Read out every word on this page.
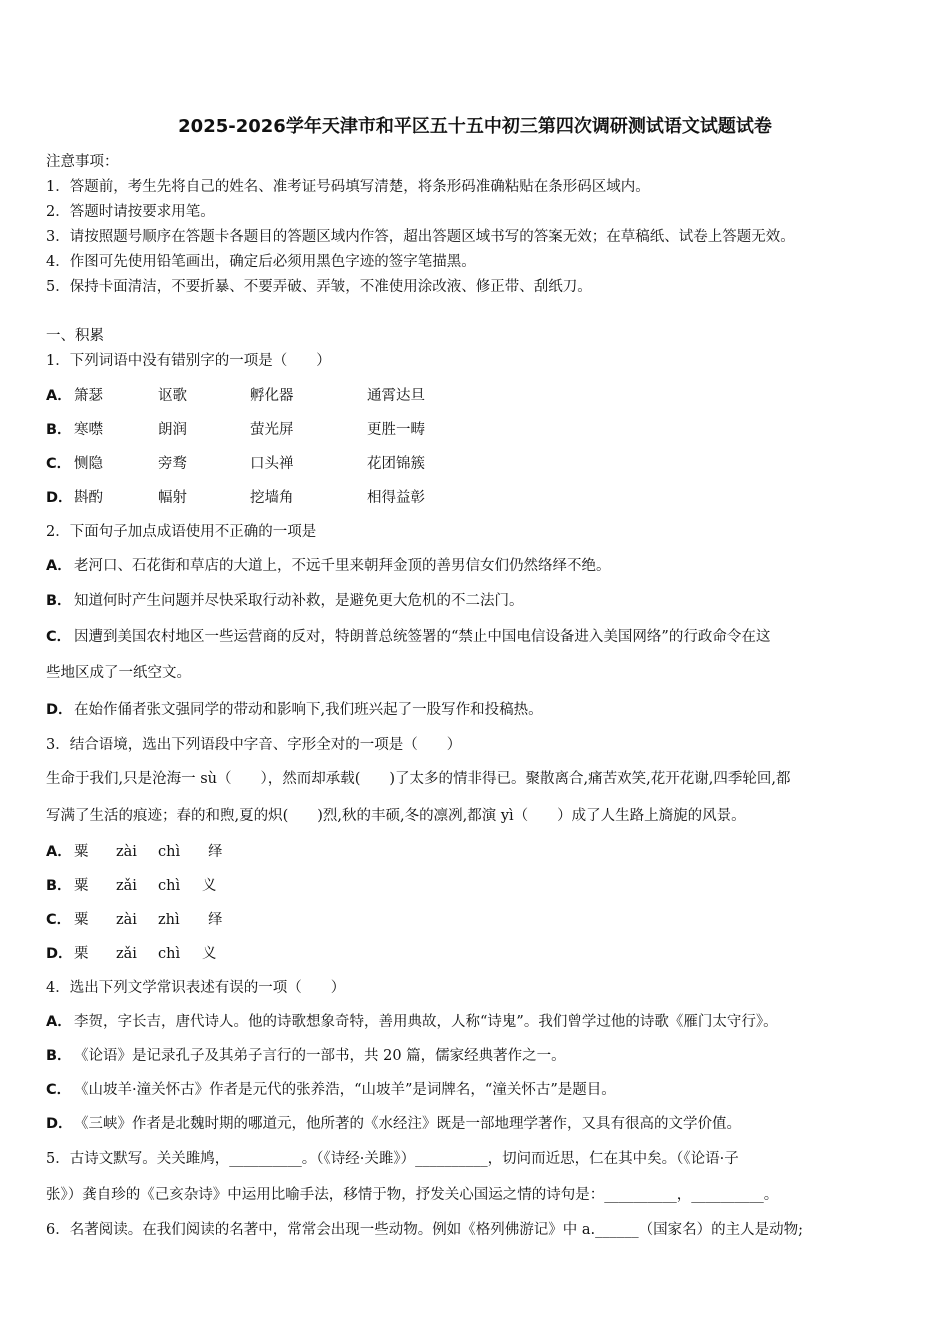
2025-2026学年天津市和平区五十五中初三第四次调研测试语文试题试卷
注意事项：
1．答题前，考生先将自己的姓名、准考证号码填写清楚，将条形码准确粘贴在条形码区域内。
2．答题时请按要求用笔。
3．请按照题号顺序在答题卡各题目的答题区域内作答，超出答题区域书写的答案无效；在草稿纸、试卷上答题无效。
4．作图可先使用铅笔画出，确定后必须用黑色字迹的签字笔描黑。
5．保持卡面清洁，不要折暴、不要弄破、弄皱，不准使用涂改液、修正带、刮纸刀。
一、积累
1．下列词语中没有错别字的一项是（　　）
A． 箫瑟	讴歌	孵化器	通霄达旦
B． 寒噤	朗润	萤光屏	更胜一畴
C． 恻隐	旁骛	口头禅	花团锦簇
D．斟酌	幅射	挖墙角	相得益彰
2．下面句子加点成语使用不正确的一项是
A． 老河口、石花街和草店的大道上，不远千里来朝拜金顶的善男信女们仍然络绎不绝。
B． 知道何时产生问题并尽快采取行动补救，是避免更大危机的不二法门。
C． 因遭到美国农村地区一些运营商的反对，特朗普总统签署的“禁止中国电信设备进入美国网络”的行政命令在这
些地区成了一纸空文。
D．在始作俑者张文强同学的带动和影响下,我们班兴起了一股写作和投稿热。
3．结合语境，选出下列语段中字音、字形全对的一项是（　　）
生命于我们,只是沧海一 sù（　　），然而却承载(　　)了太多的情非得已。聚散离合,痛苦欢笑,花开花谢,四季轮回,都
写满了生活的痕迹；春的和煦,夏的炽(　　)烈,秋的丰硕,冬的凛冽,都演 yì（　　）成了人生路上旖旎的风景。
A． 粟 zài chì 绎
B． 粟 zǎi chì 义
C． 粟 zài zhì 绎
D．栗 zǎi chì 义
4．选出下列文学常识表述有误的一项（　　）
A． 李贺，字长吉，唐代诗人。他的诗歌想象奇特，善用典故，人称“诗鬼”。我们曾学过他的诗歌《雁门太守行》。
B． 《论语》是记录孔子及其弟子言行的一部书，共 20 篇，儒家经典著作之一。
C． 《山坡羊·潼关怀古》作者是元代的张养浩，“山坡羊”是词牌名，“潼关怀古”是题目。
D．《三峡》作者是北魏时期的哪道元，他所著的《水经注》既是一部地理学著作，又具有很高的文学价值。
5．古诗文默写。关关雎鸠，__________。（《诗经·关雎》）__________，切问而近思，仁在其中矣。（《论语·子
张》）龚自珍的《己亥杂诗》中运用比喻手法，移情于物，抒发关心国运之情的诗句是：__________，__________。
6．名著阅读。在我们阅读的名著中，常常会出现一些动物。例如《格列佛游记》中 a.______（国家名）的主人是动物;
